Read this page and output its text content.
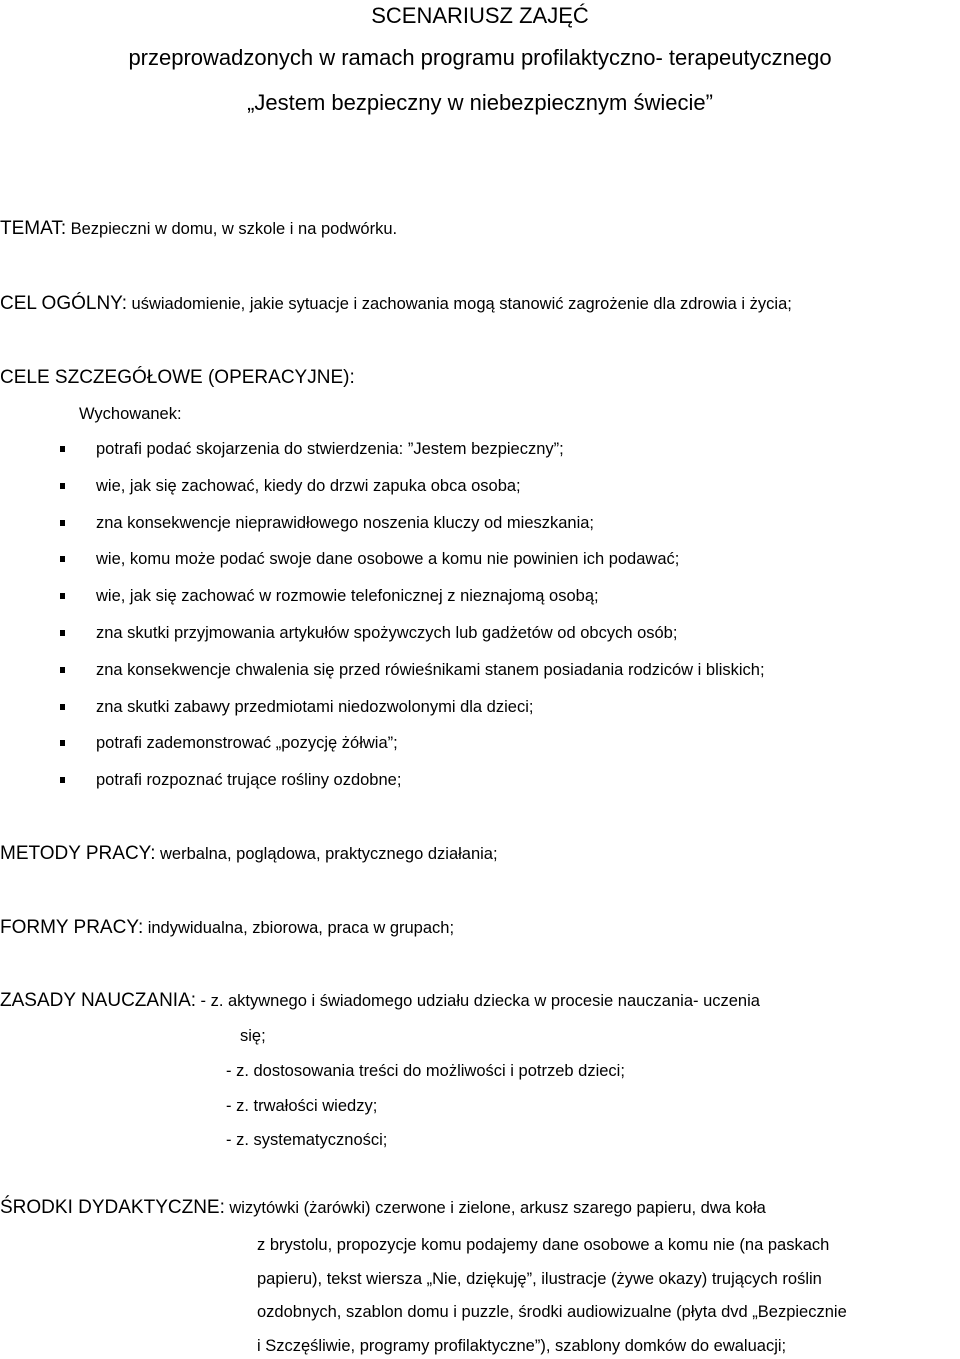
SCENARIUSZ ZAJĘĆ
przeprowadzonych w ramach programu profilaktyczno- terapeutycznego
„Jestem bezpieczny w niebezpiecznym świecie”
TEMAT: Bezpieczni w domu, w szkole i na podwórku.
CEL OGÓLNY: uświadomienie, jakie sytuacje i zachowania mogą stanowić zagrożenie dla zdrowia i życia;
CELE SZCZEGÓŁOWE (OPERACYJNE):
Wychowanek:
potrafi podać skojarzenia do stwierdzenia: ”Jestem bezpieczny”;
wie, jak się zachować, kiedy do drzwi zapuka obca osoba;
zna konsekwencje nieprawidłowego noszenia kluczy od mieszkania;
wie, komu może podać swoje dane osobowe a komu nie powinien ich podawać;
wie, jak się zachować w rozmowie telefonicznej z nieznajomą osobą;
zna skutki przyjmowania artykułów spożywczych lub gadżetów od obcych osób;
zna konsekwencje chwalenia się przed rówieśnikami stanem posiadania rodziców i bliskich;
zna skutki zabawy przedmiotami niedozwolonymi dla dzieci;
potrafi zademonstrować „pozycję żółwia”;
potrafi rozpoznać trujące rośliny ozdobne;
METODY PRACY: werbalna, poglądowa, praktycznego działania;
FORMY PRACY: indywidualna, zbiorowa, praca w grupach;
ZASADY NAUCZANIA: - z. aktywnego i świadomego udziału dziecka w procesie nauczania- uczenia
się;
- z. dostosowania treści do możliwości i potrzeb dzieci;
- z. trwałości wiedzy;
- z. systematyczności;
ŚRODKI DYDAKTYCZNE: wizytówki (żarówki) czerwone i zielone, arkusz szarego papieru, dwa koła
z brystolu, propozycje komu podajemy dane osobowe a komu nie (na paskach
papieru), tekst wiersza „Nie, dziękuję”, ilustracje (żywe okazy) trujących roślin
ozdobnych, szablon domu i puzzle, środki audiowizualne (płyta dvd „Bezpiecznie
i Szczęśliwie, programy profilaktyczne”), szablony domków do ewaluacji;
